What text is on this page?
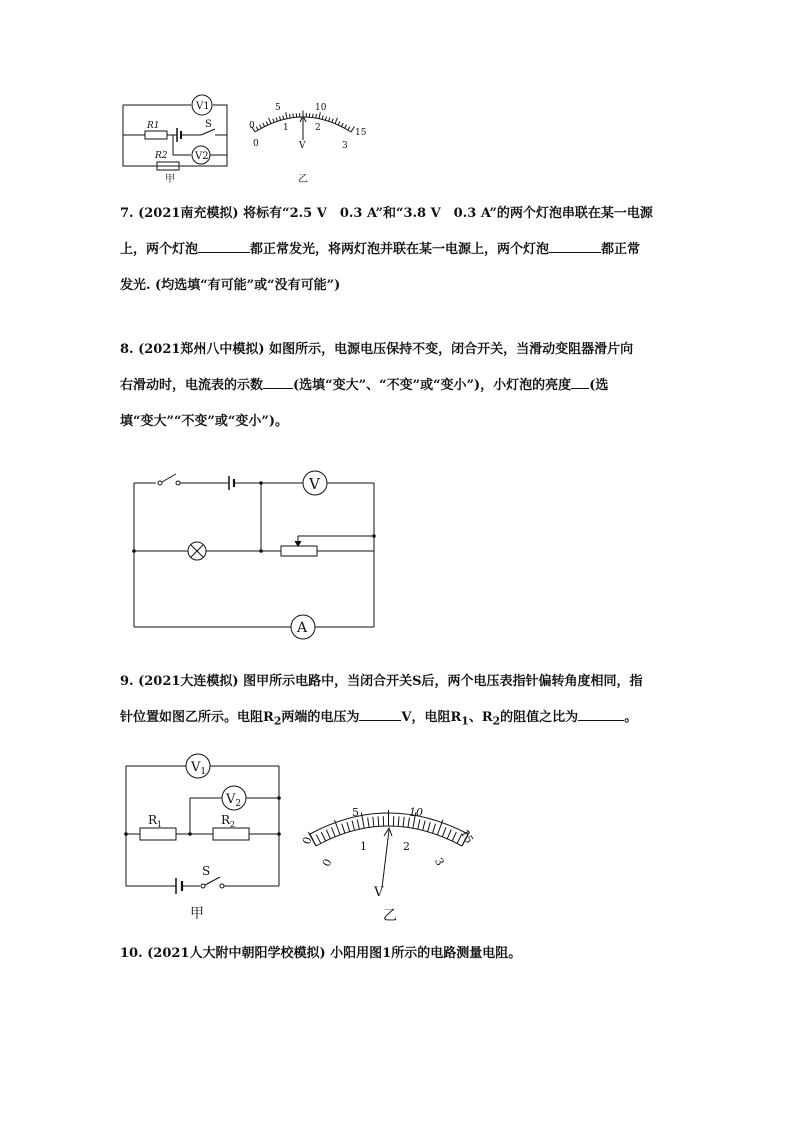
V1
V2
R1
R2
S
甲
0
5	10
15
0
1	2
3
V
乙

7. (2021南充模拟) 将标有“2.5 V　0.3 A”和“3.8 V　0.3 A”的两个灯泡串联在某一电源

上，两个灯泡	都正常发光，将两灯泡并联在某一电源上，两个灯泡	都正常

发光. (均选填“有可能”或“没有可能”)

8. (2021郑州八中模拟) 如图所示，电源电压保持不变，闭合开关，当滑动变阻器滑片向

右滑动时，电流表的示数 (选填“变大”、“不变”或“变小”)，小灯泡的亮度 (选

填“变大”“不变”或“变小”)。

V
A

9. (2021大连模拟) 图甲所示电路中，当闭合开关S后，两个电压表指针偏转角度相同，指

针位置如图乙所示。电阻$R_2$两端的电压为	V，电阻$R_1$、$R_2$的阻值之比为	。

$V_1$
$V_2$
$R_1$	$R_2$
S
甲
0
5	10
15
0
1	2
3
V
乙

10. (2021人大附中朝阳学校模拟) 小阳用图1所示的电路测量电阻。
